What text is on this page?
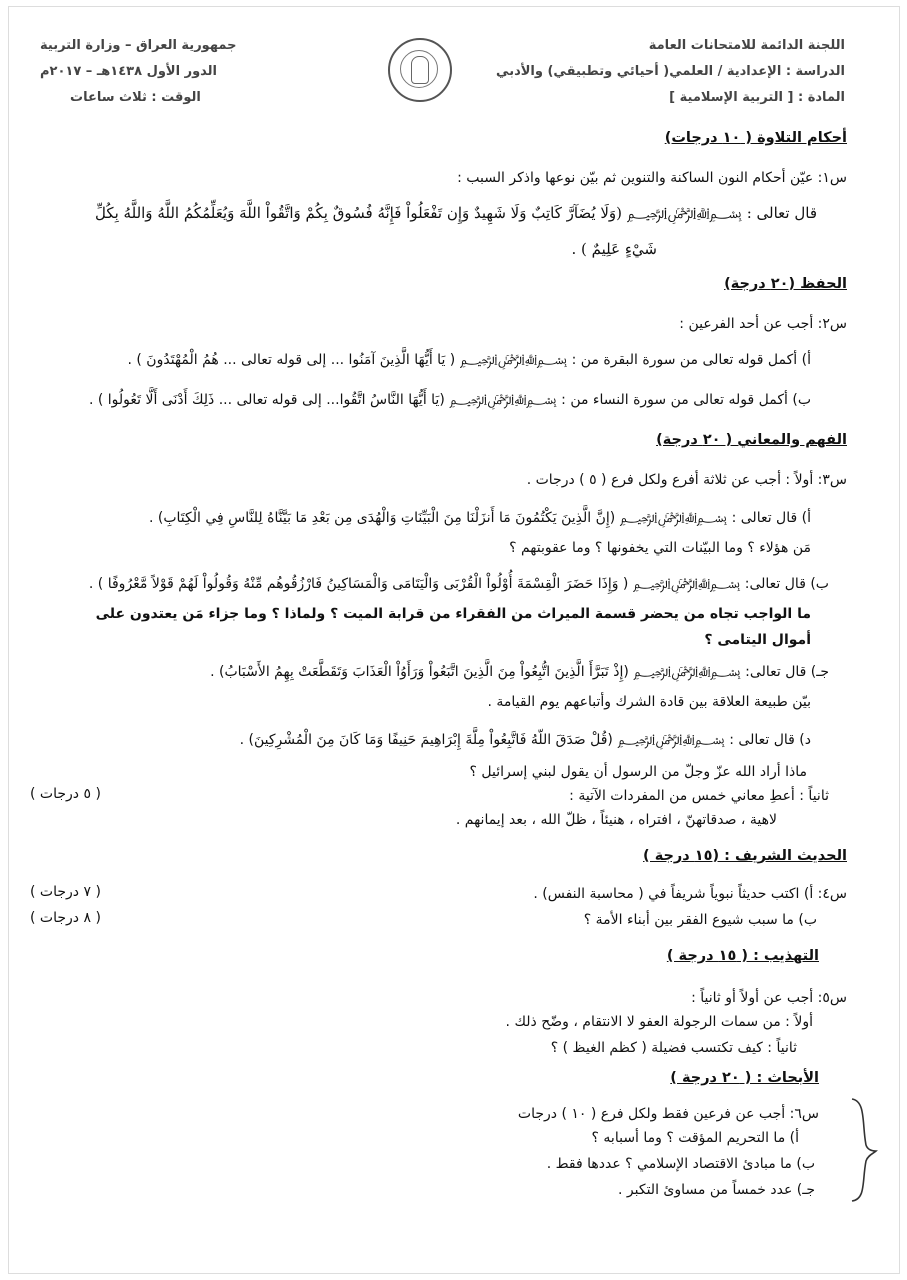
اللجنة الدائمة للامتحانات العامة
الدراسة : الإعدادية / العلمي( أحيائي وتطبيقي) والأدبي
المادة : [ التربية الإسلامية ]
جمهورية العراق – وزارة التربية
الدور الأول ١٤٣٨هـ – ٢٠١٧م
الوقت : ثلاث ساعات
أحكام التلاوة ( ١٠ درجات)
س١: عيّن أحكام النون الساكنة والتنوين ثم بيّن نوعها واذكر السبب :
قال تعالى : ﷽ (وَلَا يُضَآرَّ كَاتِبٌ وَلَا شَهِيدٌ وَإِن تَفْعَلُواْ فَإِنَّهُ فُسُوقٌ بِكُمْ وَاتَّقُواْ اللَّهَ وَيُعَلِّمُكُمُ اللَّهُ وَاللَّهُ بِكُلِّ
شَيْءٍ عَلِيمٌ ) .
الحفظ (٢٠ درجة)
س٢: أجب عن أحد الفرعين :
أ) أكمل قوله تعالى من سورة البقرة من : ﷽ ( يَا أَيُّهَا الَّذِينَ آمَنُوا ... إلى قوله تعالى ... هُمُ الْمُهْتَدُونَ ) .
ب) أكمل قوله تعالى من سورة النساء من : ﷽ (يَا أَيُّهَا النَّاسُ اتَّقُوا... إلى قوله تعالى ... ذَلِكَ أَدْنَى أَلَّا تَعُولُوا ) .
الفهم والمعاني ( ٢٠ درجة)
س٣: أولاً : أجب عن ثلاثة أفرع ولكل فرع ( ٥ ) درجات .
أ) قال تعالى : ﷽ (إِنَّ الَّذِينَ يَكْتُمُونَ مَا أَنزَلْنَا مِنَ الْبَيِّنَاتِ وَالْهُدَى مِن بَعْدِ مَا بَيَّنَّاهُ لِلنَّاسِ فِي الْكِتَابِ) .
مَن هؤلاء ؟ وما البيّنات التي يخفونها ؟ وما عقوبتهم ؟
ب) قال تعالى: ﷽ ( وَإِذَا حَضَرَ الْقِسْمَةَ أُوْلُواْ الْقُرْبَى وَالْيَتَامَى وَالْمَسَاكِينُ فَارْزُقُوهُم مِّنْهُ وَقُولُواْ لَهُمْ قَوْلاً مَّعْرُوفًا ) .
ما الواجب تجاه من يحضر قسمة الميراث من الفقراء من قرابة الميت ؟ ولماذا ؟ وما جزاء مَن يعتدون على
أموال اليتامى ؟
جـ) قال تعالى: ﷽ (إِذْ تَبَرَّأَ الَّذِينَ اتُّبِعُواْ مِنَ الَّذِينَ اتَّبَعُواْ وَرَأَوُاْ الْعَذَابَ وَتَقَطَّعَتْ بِهِمُ الأَسْبَابُ) .
بيّن طبيعة العلاقة بين قادة الشرك وأتباعهم يوم القيامة .
د) قال تعالى : ﷽ (قُلْ صَدَقَ اللّهُ فَاتَّبِعُواْ مِلَّةَ إِبْرَاهِيمَ حَنِيفًا وَمَا كَانَ مِنَ الْمُشْرِكِينَ) .
ماذا أراد الله عزّ وجلّ من الرسول أن يقول لبني إسرائيل ؟
ثانياً : أعطِ معاني خمس من المفردات الآتية :
( ٥ درجات )
لاهية ، صدقاتهنّ ، افتراه ، هنيئاً ، ظلّ الله ، بعد إيمانهم .
الحديث الشريف : (١٥ درجة )
س٤: أ) اكتب حديثاً نبوياً شريفاً في ( محاسبة النفس) .
( ٧ درجات )
ب) ما سبب شيوع الفقر بين أبناء الأمة ؟
( ٨ درجات )
التهذيب : ( ١٥ درجة )
س٥: أجب عن أولاً أو ثانياً :
أولاً : من سمات الرجولة العفو لا الانتقام ، وضّح ذلك .
ثانياً : كيف تكتسب فضيلة ( كظم الغيظ ) ؟
الأبحاث : ( ٢٠ درجة )
س٦: أجب عن فرعين فقط ولكل فرع ( ١٠ ) درجات
أ) ما التحريم المؤقت ؟ وما أسبابه ؟
ب) ما مبادئ الاقتصاد الإسلامي ؟ عددها فقط .
جـ) عدد خمساً من مساوئ التكبر .
